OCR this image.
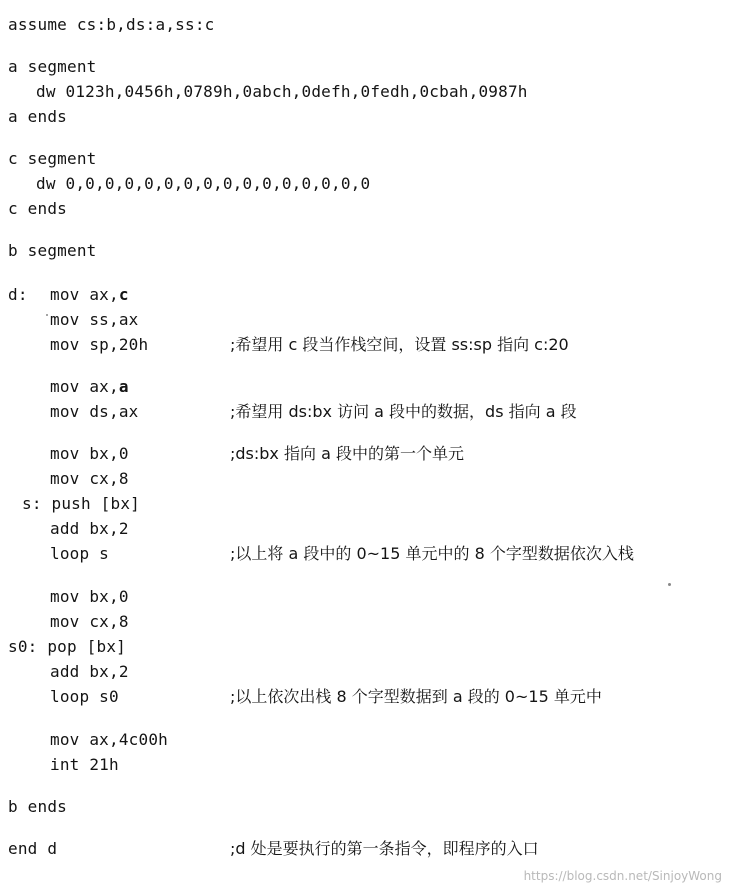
assume cs:b,ds:a,ss:c
a segment
dw 0123h,0456h,0789h,0abch,0defh,0fedh,0cbah,0987h
a ends
c segment
dw 0,0,0,0,0,0,0,0,0,0,0,0,0,0,0,0
c ends
b segment
d: mov ax,c
mov ss,ax
mov sp,20h	;希望用 c 段当作栈空间，设置 ss:sp 指向 c:20
mov ax,a
mov ds,ax	;希望用 ds:bx 访问 a 段中的数据，ds 指向 a 段
mov bx,0	;ds:bx 指向 a 段中的第一个单元
mov cx,8
s: push [bx]
add bx,2
loop s	;以上将 a 段中的 0~15 单元中的 8 个字型数据依次入栈
mov bx,0
mov cx,8
s0: pop [bx]
add bx,2
loop s0	;以上依次出栈 8 个字型数据到 a 段的 0~15 单元中
mov ax,4c00h
int 21h
b ends
end d	;d 处是要执行的第一条指令，即程序的入口
https://blog.csdn.net/SinjoyWong
